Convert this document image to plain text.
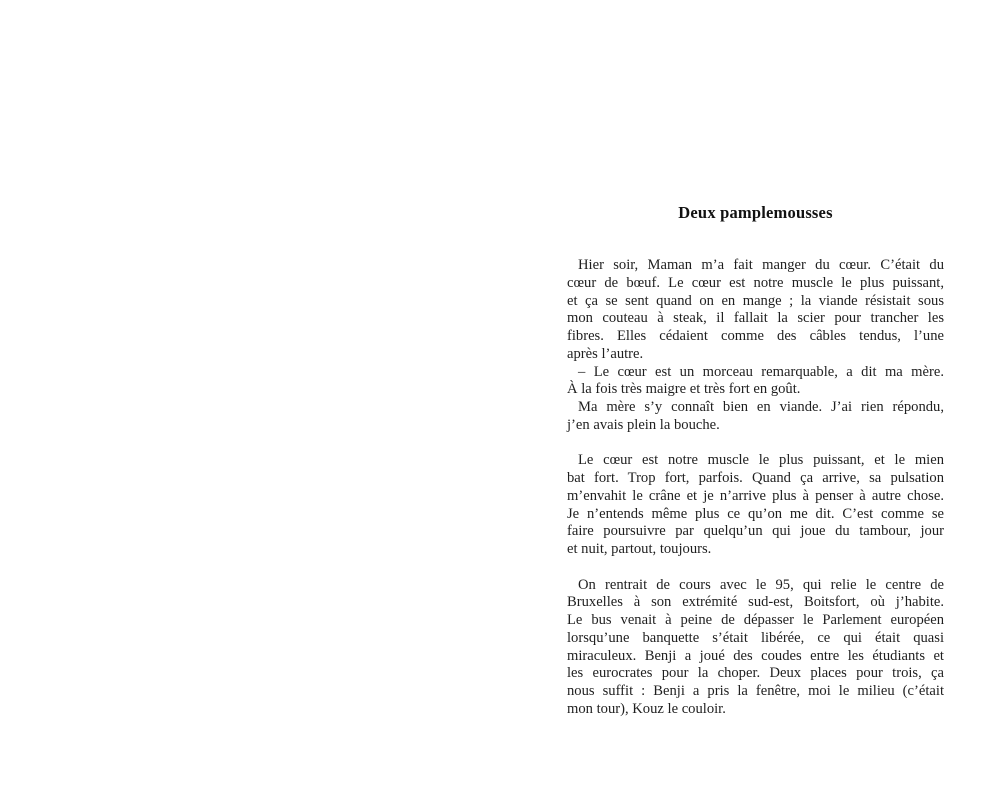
Deux pamplemousses

Hier soir, Maman m’a fait manger du cœur. C’était du
cœur de bœuf. Le cœur est notre muscle le plus puissant,
et ça se sent quand on en mange ; la viande résistait sous
mon couteau à steak, il fallait la scier pour trancher les
fibres. Elles cédaient comme des câbles tendus, l’une
après l’autre.

– Le cœur est un morceau remarquable, a dit ma mère.
À la fois très maigre et très fort en goût.

Ma mère s’y connaît bien en viande. J’ai rien répondu,
j’en avais plein la bouche.

Le cœur est notre muscle le plus puissant, et le mien
bat fort. Trop fort, parfois. Quand ça arrive, sa pulsation
m’envahit le crâne et je n’arrive plus à penser à autre chose.
Je n’entends même plus ce qu’on me dit. C’est comme se
faire poursuivre par quelqu’un qui joue du tambour, jour
et nuit, partout, toujours.

On rentrait de cours avec le 95, qui relie le centre de
Bruxelles à son extrémité sud-est, Boitsfort, où j’habite.
Le bus venait à peine de dépasser le Parlement européen
lorsqu’une banquette s’était libérée, ce qui était quasi
miraculeux. Benji a joué des coudes entre les étudiants et
les eurocrates pour la choper. Deux places pour trois, ça
nous suffit : Benji a pris la fenêtre, moi le milieu (c’était
mon tour), Kouz le couloir.
